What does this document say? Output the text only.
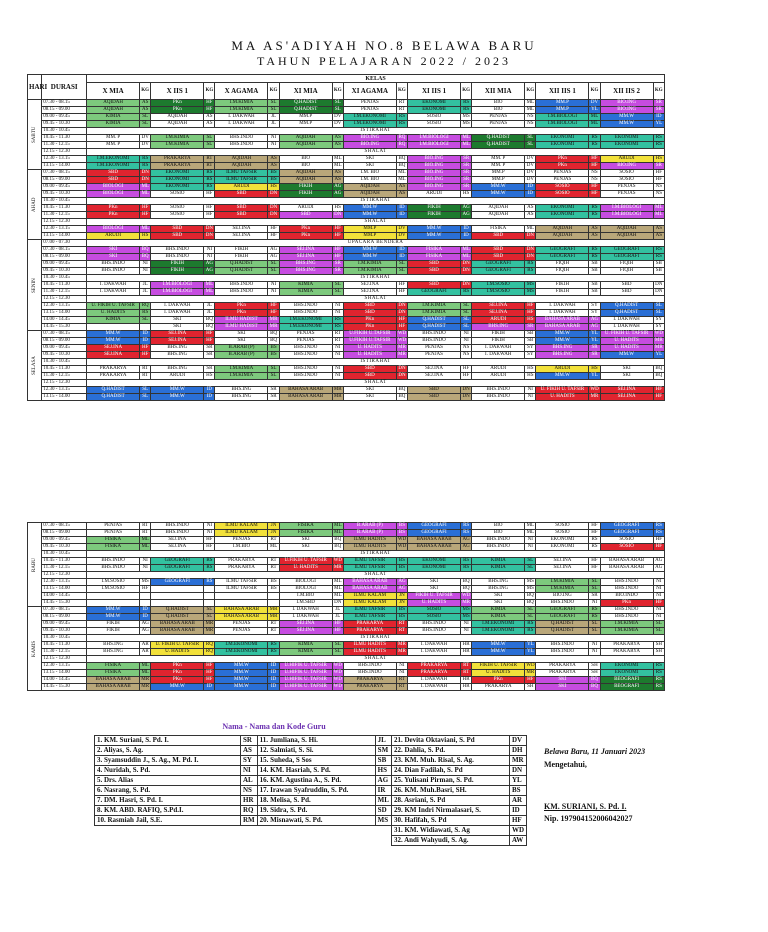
MA AS'ADIYAH NO.8 BELAWA BARU
TAHUN PELAJARAN 2022 / 2023
HARI	DURASI	KELAS																	
		X MIA	KG	X IIS 1	KG	X AGAMA	KG	XI MIA	KG	XI AGAMA	KG	XI IIS 1	KG	XII MIA	KG	XII IIS 1	KG	XII IIS 2	KG
SABTU	07.30 - 08.15	AQIDAH	AS	PKn	HF	I.M.KIMIA	SL	Q.HADIST	SL	PENJAS	RT	EKONOMI	RS	BIO	ML	MM.P	DV	BIO.ING	SR
	08.15 - 09.00	AQIDAH	AS	PKn	HF	I.M.KIMIA	SL	Q.HADIST	SL	PENJAS	RT	EKONOMI	RS	BIO	ML	MM.P	YL	BIO.ING	SR
	09.00 - 09.45	KIMIA	SL	AQIDAH	AS	I. DAKWAH	JL	MM.P	DV	I.M.EKONOMI	RS	SOSIO	MS	PENJAS	NS	I.M.BIOLOGI	ML	MM.W	ID
	09.45 - 10.30	KIMIA	SL	AQIDAH	AS	I. DAKWAH	JL	MM.P	DV	I.M.EKONOMI	RS	SOSIO	MS	PENJAS	NS	I.M.BIOLOGI	ML	MM.W	YL
	10.30 - 10.45	ISTIRAHAT																	
	10.45 - 11.30	MM. P	DV	I.M.KIMIA	SL	BHS.INDO	NI	AQIDAH	AS	BIO.ING	RQ	I.M.BIOLOGI	ML	Q.HADIST	SL	EKONOMI	RS	EKONOMI	RS
	11.30 - 12.15	MM. P	DV	I.M.KIMIA	SL	BHS.INDO	NI	AQIDAH	AS	BIO.ING	RQ	I.M.BIOLOGI	ML	Q.HADIST	SL	EKONOMI	RS	EKONOMI	RS
	12.15 - 12.30	SHALAT																	
	12.30 - 13.15	I.M.EKONOMI	RS	PRAKARYA	RT	AQIDAH	AS	BIO	ML	SKI	BQ	BIO.ING	SR	MM. P	DV	PKn	HF	ARUDI	HS
	13.15 - 14.00	I.M.EKONOMI	RS	PRAKARYA	RT	AQIDAH	AS	BIO	ML	SKI	BQ	BIO.ING	SR	MM. P	DV	PKn	HF	BIO.ING	SR
AHAD	07.30 - 08.15	SBD	DN	EKONOMI	RS	ILMU TAFSIR	BS	AQIDAH	AS	I.M. BIO	ML	BIO.ING	SR	MM.P	DV	PENJAS	NS	SOSIO	HF
	08.15 - 09.00	SBD	DN	EKONOMI	RS	ILMU TAFSIR	BS	AQIDAH	AS	I.M. BIO	ML	BIO.ING	SR	MM.P	DV	PENJAS	NS	SOSIO	HF
	09.00 - 09.45	BIOLOGI	ML	EKONOMI	RS	ARUDI	HS	FIKIH	AG	AQIDAH	AS	BIO.ING	SR	MM.W	ID	SOSIO	HF	PENJAS	NS
	09.45 - 10.30	BIOLOGI	ML	SOSIO	HF	SBD	DN	FIKIH	AG	AQIDAH	AS	ARUDI	HS	MM.W	ID	SOSIO	HF	PENJAS	NS
	10.30 - 10.45	ISTIRAHAT																	
	10.45 - 11.30	PKn	HF	SOSIO	HF	SBD	DN	ARUDI	HS	MM.W	ID	FIKIH	AG	AQIDAH	AS	EKONOMI	RS	I.M.BIOLOGI	ML
	11.30 - 12.15	PKn	HF	SOSIO	HF	SBD	DN	SBD	DN	MM.W	ID	FIKIH	AG	AQIDAH	AS	EKONOMI	RS	I.M.BIOLOGI	ML
	12.15 - 12.30	SHALAT																	
	12.30 - 13.15	BIOLOGI	ML	SBD	DN	SEJ.INA	HF	PKn	HF	MM.P	DV	MM.W	ID	FISIKA	ML	AQIDAH	AS	AQIDAH	AS
	13.15 - 14.00	ARUDI	HS	SBD	DN	SEJ.INA	HF	PKn	HF	MM.P	DV	MM.W	ID	SBD	DN	AQIDAH	AS	AQIDAH	AS
SENIN	07.00 - 07.30	UPACARA BENDERA																	
	07.30 - 08.15	SKI	BQ	BHS.INDO	NI	FIKIH	AG	SEJ.INA	HF	MM.W	ID	FISIKA	ML	SBD	DN	GEOGRAFI	RS	GEOGRAFI	RS
	08.15 - 09.00	SKI	BQ	BHS.INDO	NI	FIKIH	AG	SEJ.INA	HF	MM.W	ID	FISIKA	ML	SBD	DN	GEOGRAFI	RS	GEOGRAFI	RS
	09.00 - 09.45	BHS.INDO	NI	FIKIH	AG	Q.HADIST	SL	BHS.ING	SR	I.M.KIMIA	SL	SBD	DN	GEOGRAFI	RS	FIQIH	SB	FIQIH	SB
	09.45 - 10.30	BHS.INDO	NI	FIKIH	AG	Q.HADIST	SL	BHS.ING	SR	I.M.KIMIA	SL	SBD	DN	GEOGRAFI	RS	FIQIH	SB	FIQIH	SB
	10.30 - 10.45	ISTIRAHAT																	
	10.45 - 11.30	I. DAKWAH	JL	I.M.BIOLOGI	ML	BHS.INDO	NI	KIMIA	SL	SEJ.INA	HF	SBD	DN	I.M.SOSIO	MS	FIKIH	SB	SBD	DN
	11.30 - 12.15	I. DAKWAH	JL	I.M.BIOLOGI	ML	BHS.INDO	NI	KIMIA	SL	SEJ.INA	HF	GEOGRAFI	RS	I.M.SOSIO	MS	FIKIH	SB	SBD	DN
	12.15 - 12.30	SHALAT																	
	12.30 - 13.15	U. FIKIH U. TAFSIR	RQ	I. DAKWAH	JL	PKn	HF	BHS.INDO	NI	SBD	DN	I.M.KIMIA	SL	SEJ.INA	HF	I. DAKWAH	SY	Q.HADIST	SL
	13.15 - 14.00	U. HADITS	RS	I. DAKWAH	JL	PKn	HF	BHS.INDO	NI	SBD	DN	I.M.KIMIA	SL	SEJ.INA	HF	I. DAKWAH	SY	Q.HADIST	SL
	14.00 - 14.45	KIMIA	SL	SKI	BQ	ILMU HADIST	MR	I.M.EKONOMI	RS	PKn	HF	Q.HADIST	SL	ARUDI	HS	BAHASA ARAB	AG	I. DAKWAH	SY
	14.45 - 15.30			SKI	BQ	ILMU HADIST	MR	I.M.EKONOMI	RS	PKn	HF	Q.HADIST	SL	BHS.ING	SR	BAHASA ARAB	AG	I. DAKWAH	SY
SELASA	07.30 - 08.15	MM.W	ID	SEJ.INA	HF	SKI	BQ	PENJAS	RT	U.FIKIH U.TAFSIR	WD	BHS.INDO	NI	FIKIH	SB	MM.W	YL	U. FIKIH U. TAFSIR	WD
	08.15 - 09.00	MM.W	ID	SEJ.INA	HF	SKI	BQ	PENJAS	RT	U.FIKIH U.TAFSIR	WD	BHS.INDO	NI	FIKIH	SB	MM.W	YL	U. HADITS	MR
	09.00 - 09.45	SEJ.INA	HF	BHS.ING	SR	B.ARAB (P)	BS	BHS.INDO	NI	U. HADITS	MR	PENJAS	NS	I. DAKWAH	SY	BHS.ING	SR	U. HADITS	MR
	09.45 - 10.30	SEJ.INA	HF	BHS.ING	SR	B.ARAB (P)	BS	BHS.INDO	NI	U. HADITS	MR	PENJAS	NS	I. DAKWAH	SY	BHS.ING	SR	MM.W	YL
	10.30 - 10.45	ISTIRAHAT																	
	10.45 - 11.30	PRAKARYA	RT	BHS.ING	SR	I.M.KIMIA	SL	BHS.INDO	NI	SBD	DN	SEJ.INA	HF	ARUDI	HS	ARUDI	HS	SKI	BQ
	11.30 - 12.15	PRAKARYA	RT	ARUDI	HS	I.M.KIMIA	SL	BHS.INDO	NI	SBD	DN	SEJ.INA	HF	ARUDI	HS	MM.W	YL	SKI	BQ
	12.15 - 12.30	SHALAT																	
	12.30 - 13.15	Q.HADIST	SL	MM.W	ID	BHS.ING	SR	BAHASA ARAB	MR	SKI	BQ	SBD	DN	BHS.INDO	NI	U. FIKIH U. TAFSIR	WD	SEJ.INA	HF
	13.15 - 14.00	Q.HADIST	SL	MM.W	ID	BHS.ING	SR	BAHASA ARAB	MR	SKI	BQ	SBD	DN	BHS.INDO	NI	U. HADITS	MR	SEJ.INA	HF
RABU	07.30 - 08.15	PENJAS	RT	BHS.INDO	NI	ILMU KALAM	JN	FISIKA	ML	B.ARAB (P)	BS	GEOGRAFI	RS	BIO	ML	SOSIO	HF	GEOGRAFI	RS
	08.15 - 09.00	PENJAS	RT	BHS.INDO	NI	ILMU KALAM	JN	FISIKA	ML	B.ARAB (P)	BS	GEOGRAFI	RS	BIO	ML	SOSIO	HF	GEOGRAFI	RS
	09.00 - 09.45	FISIKA	ML	SEJ.INA	HF	PENJAS	RT	SKI	BQ	ILMU HADITS	WD	BAHASA ARAB	AG	BHS.INDO	NI	EKONOMI	RS	SOSIO	HF
	09.45 - 10.30	FISIKA	ML	SEJ.INA	HF	I.M.BIO	ML	SKI	BQ	ILMU HADITS	WD	BAHASA ARAB	AG	BHS.INDO	NI	EKONOMI	RS	SOSIO	HF
	10.30 - 10.45	ISTIRAHAT																	
	10.45 - 11.30	BHS.INDO	NI	GEOGRAFI	RS	PRAKARYA	RT	U.FIKIH U. TAFSIR	WD	ILMU TAFSIR	BS	EKONOMI	RS	KIMIA	SL	SEJ.INA	HF	BAHASA ARAB	AG
	11.30 - 12.15	BHS.INDO	NI	GEOGRAFI	RS	PRAKARYA	RT	U. HADITS	MR	ILMU TAFSIR	BS	EKONOMI	RS	KIMIA	SL	SEJ.INA	HF	BAHASA ARAB	AG
	12.15 - 12.30	SHALAT																	
	12.30 - 13.15	I.M.SOSIO	MS	GEOGRAFI	RS	ILMU TAFSIR	BS	BIOLOGI	ML	BAHASA ARAB	AG	SKI	BQ	BHS.ING	MS	I.M.KIMIA	SL	BHS.INDO	NI
	13.15 - 14.00	I.M.SOSIO	HF			ILMU TAFSIR	BS	BIOLOGI	ML	BAHASA ARAB	AG	SKI	BQ	BHS.ING	MS	I.M.KIMIA	SL	BHS.INDO	NI
	14.00 - 14.45							I.M.BIO	ML	ILMU KALAM	JN	FIKIH U. TAFSIR	WD	SKI	BQ	BIO.ING	SR	BIO.INDO	NI
	14.45 - 15.30							I.M.SBD	DN	ILMU KALAM	JN	U. HADITS	MR	SKI	BQ	BHS.INDO	NI	PKn	HF
KAMIS	07.30 - 08.15	MM.W	ID	Q.HADIST	SL	BAHASA ARAB	MR	I. DAKWAH	JL	ILMU TAFSIR	BS	SOSIO	MS	KIMIA	SL	GEOGRAFI	RS	BHS.INDO	NI
	08.15 - 09.00	MM.W	ID	Q.HADIST	SL	BAHASA ARAB	MR	I. DAKWAH	JL	ILMU TAFSIR	BS	SOSIO	MS	KIMIA	SL	GEOGRAFI	RS	BHS.INDO	NI
	09.00 - 09.45	FIKIH	AG	BAHASA ARAB	MR	PENJAS	RT	SEJ.INA	HF	PRAKARYA	RT	BHS.INDO	NI	I.M.EKONOMI	RS	Q.HADIST	SL	I.M.KIMIA	SL
	09.45 - 10.30	FIKIH	AG	BAHASA ARAB	MR	PENJAS	RT	SEJ.INA	HF	PRAKARYA	RT	BHS.INDO	NI	I.M.EKONOMI	RS	Q.HADIST	SL	I.M.KIMIA	SL
	10.30 - 10.45	ISTIRAHAT																	
	10.45 - 11.30	BHS.ING	AR	U. FIKIH U. TAFSIR	RQ	I.M.EKONOMI	RS	KIMIA	SL	ILMU HADITS	MR	I. DAKWAH	HR	MM.W	YL	BHS.INDO	NI	PRAKARYA	SH
	11.30 - 12.15	BHS.ING	AR	U. HADITS	RQ	I.M.EKONOMI	RS	KIMIA	SL	ILMU HADITS	MR	I. DAKWAH	HR	MM.W	YL	BHS.INDO	NI	PRAKARYA	SH
	12.15 - 12.30	SHALAT																	
	12.30 - 13.15	FISIKA	ML	PKn	HF	MM.W	ID	U.HIFIK U. TAFSIR	WD	BHS.INDO	NI	PRAKARYA	RT	FIKIH U. TAFSIR	WD	PRAKARYA	SH	EKONOMI	RS
	13.15 - 14.00	FISIKA	ML	PKn	HF	MM.W	ID	U.HIFIK U. TAFSIR	WD	BHS.INDO	NI	PRAKARYA	RT	U. HADITS	MR	PRAKARYA	SH	EKONOMI	RS
	14.00 - 14.45	BAHASA ARAB	MR	PKn	HF	MM.W	ID	U.HIFIK U. TAFSIR	WD	PRAKARYA	RT	I. DAKWAH	HR	PKn	HF	SKI	BQ	BEOGRAFI	RS
	14.45 - 15.30	BAHASA ARAB	MR	MM.W	ID	MM.W	ID	U.HIFIK U. TAFSIR	WD	PRAKARYA	RT	I. DAKWAH	HR	PRAKARYA	SH	SKI	BQ	BEOGRAFI	RS
Nama - Nama dan Kode Guru
1. KM. Suriani, S. Pd. I.	SR	11. Jumliana, S. Hi.	JL	21. Devita Oktaviani, S. Pd	DV
2. Aliyas, S. Ag.	AS	12. Salmiati, S. Si.	SM	22. Dahlia, S. Pd.	DH
3. Syamsuddin J., S. Ag., M. Pd. I.	SY	15. Suheda, S Sos	SB	23. KM. Muh. Risal, S. Ag.	MR
4. Nuridah, S. Pd.	NI	14. KM. Hasriah, S. Pd.	HS	24. Dian Fadilah, S. Pd	DN
5. Drs. Alias	AL	16. KM. Agustina A., S. Pd.	AG	25. Yulisani Pirman, S. Pd.	YL
6. Nasrang, S. Pd.	NS	17. Irawan Syafruddin, S. Pd.	IR	26. KM. Muh.Basri, SH.	BS
7. DM. Hasri, S. Pd. I.	HR	18. Melisa, S. Pd.	ML	28. Asriani, S. Pd	AR
8. KM. ABD. RAFIQ, S.Pd.I.	RQ	19. Sidra, S. Pd.	SD	29. KM Indri Nirmalasari, S.	ID
10. Rasmiah Jail, S.E.	RM	20. Misnawati, S. Pd.	MS	30. Hafifah, S. Pd	HF
				31. KM. Widiawati, S. Ag	WD
				32. Andi Wahyudi, S. Ag.	AW
Belawa Baru, 11 Januari 2023
Mengetahui,
KM. SURIANI, S. Pd. I.
Nip. 197904152006042027
